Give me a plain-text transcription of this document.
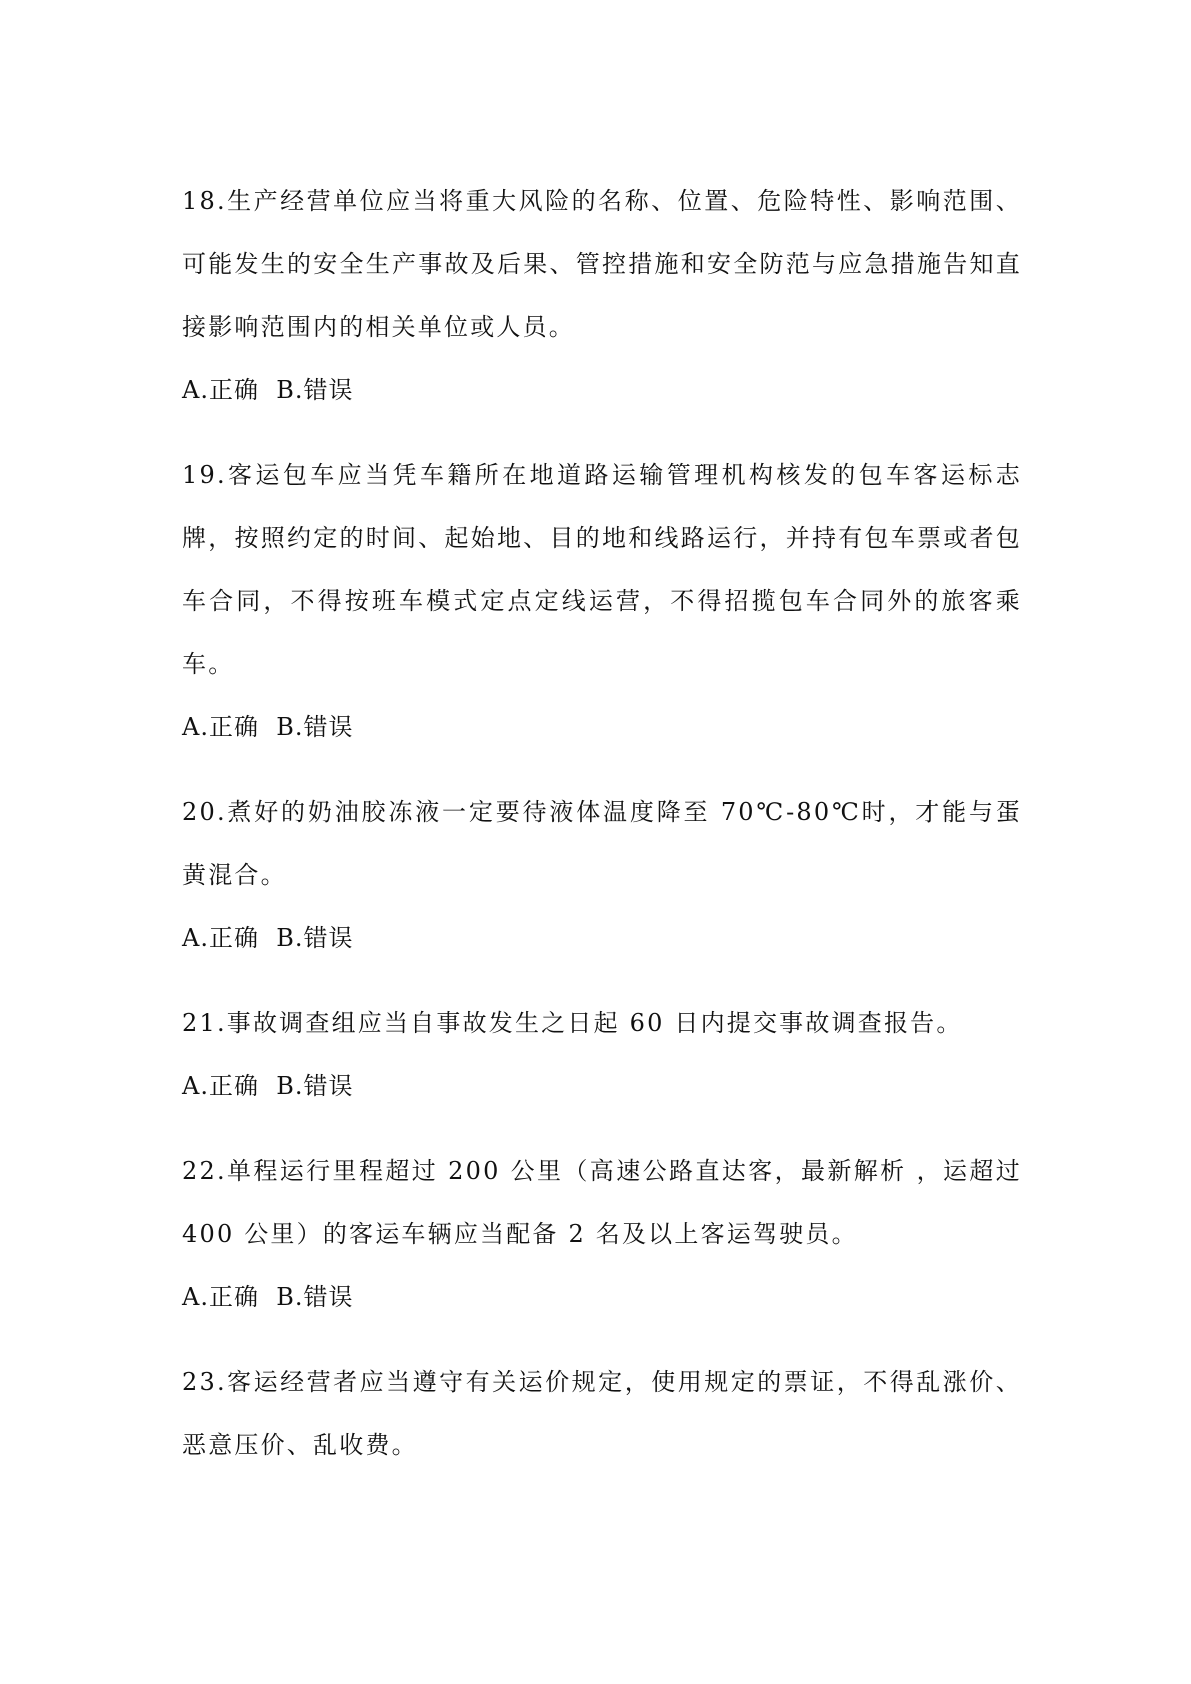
18.生产经营单位应当将重大风险的名称、位置、危险特性、影响范围、可能发生的安全生产事故及后果、管控措施和安全防范与应急措施告知直接影响范围内的相关单位或人员。

A.正确  B.错误

19.客运包车应当凭车籍所在地道路运输管理机构核发的包车客运标志牌，按照约定的时间、起始地、目的地和线路运行，并持有包车票或者包车合同，不得按班车模式定点定线运营，不得招揽包车合同外的旅客乘车。

A.正确  B.错误

20.煮好的奶油胶冻液一定要待液体温度降至 70℃-80℃时，才能与蛋黄混合。

A.正确  B.错误

21.事故调查组应当自事故发生之日起 60 日内提交事故调查报告。

A.正确  B.错误

22.单程运行里程超过 200 公里（高速公路直达客，最新解析 ，运超过 400 公里）的客运车辆应当配备 2 名及以上客运驾驶员。

A.正确  B.错误

23.客运经营者应当遵守有关运价规定，使用规定的票证，不得乱涨价、恶意压价、乱收费。
